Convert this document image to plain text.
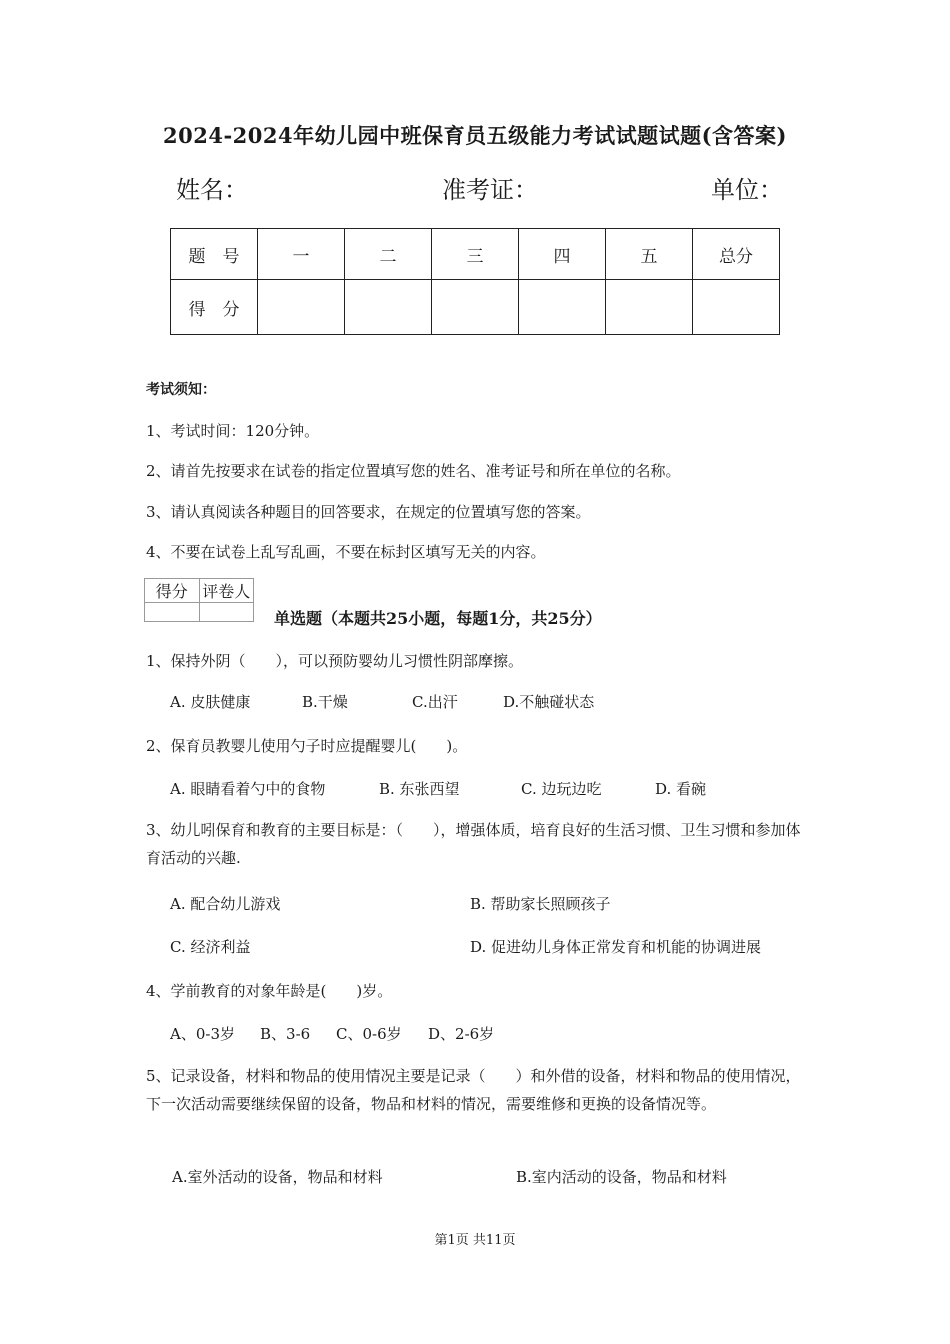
2024-2024年幼儿园中班保育员五级能力考试试题试题(含答案)
姓名：	准考证：	单位：
题　号	一	二	三	四	五	总分
得　分						
考试须知：
1、考试时间：120分钟。
2、请首先按要求在试卷的指定位置填写您的姓名、准考证号和所在单位的名称。
3、请认真阅读各种题目的回答要求，在规定的位置填写您的答案。
4、不要在试卷上乱写乱画，不要在标封区填写无关的内容。
得分	评卷人

单选题（本题共25小题，每题1分，共25分）
1、保持外阴（　　），可以预防婴幼儿习惯性阴部摩擦。
A. 皮肤健康	B.干燥	C.出汗	D.不触碰状态
2、保育员教婴儿使用勺子时应提醒婴儿(　　)。
A. 眼睛看着勺中的食物	B. 东张西望	C. 边玩边吃	D. 看碗
3、幼儿吲保育和教育的主要目标是：（　　），增强体质，培育良好的生活习惯、卫生习惯和参加体育活动的兴趣.
A. 配合幼儿游戏	B. 帮助家长照顾孩子
C. 经济利益	D. 促进幼儿身体正常发育和机能的协调进展
4、学前教育的对象年龄是(　　)岁。
A、0-3岁 B、3-6 C、0-6岁 D、2-6岁
5、记录设备，材料和物品的使用情况主要是记录（　　）和外借的设备，材料和物品的使用情况，下一次活动需要继续保留的设备，物品和材料的情况，需要维修和更换的设备情况等。
A.室外活动的设备，物品和材料	B.室内活动的设备，物品和材料
第1页 共11页
